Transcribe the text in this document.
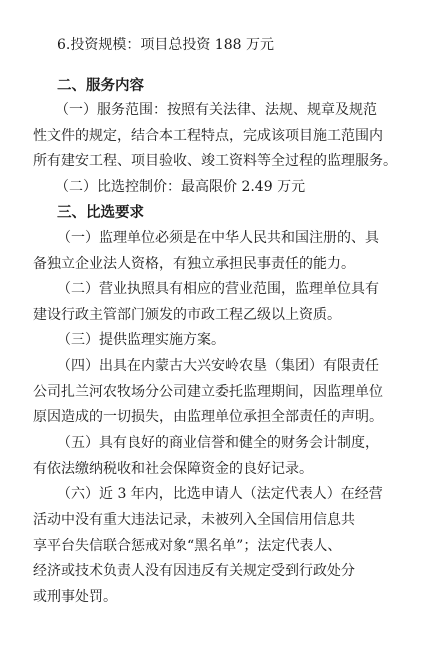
6.投资规模：项目总投资 188 万元
二、服务内容
（一）服务范围：按照有关法律、法规、规章及规范
性文件的规定，结合本工程特点，完成该项目施工范围内
所有建安工程、项目验收、竣工资料等全过程的监理服务。
（二）比选控制价：最高限价 2.49 万元
三、比选要求
（一）监理单位必须是在中华人民共和国注册的、具
备独立企业法人资格，有独立承担民事责任的能力。
（二）营业执照具有相应的营业范围，监理单位具有
建设行政主管部门颁发的市政工程乙级以上资质。
（三）提供监理实施方案。
（四）出具在内蒙古大兴安岭农垦（集团）有限责任
公司扎兰河农牧场分公司建立委托监理期间，因监理单位
原因造成的一切损失，由监理单位承担全部责任的声明。
（五）具有良好的商业信誉和健全的财务会计制度，
有依法缴纳税收和社会保障资金的良好记录。
（六）近 3 年内，比选申请人（法定代表人）在经营
活动中没有重大违法记录，未被列入全国信用信息共
享平台失信联合惩戒对象“黑名单”；法定代表人、
经济或技术负责人没有因违反有关规定受到行政处分
或刑事处罚。
